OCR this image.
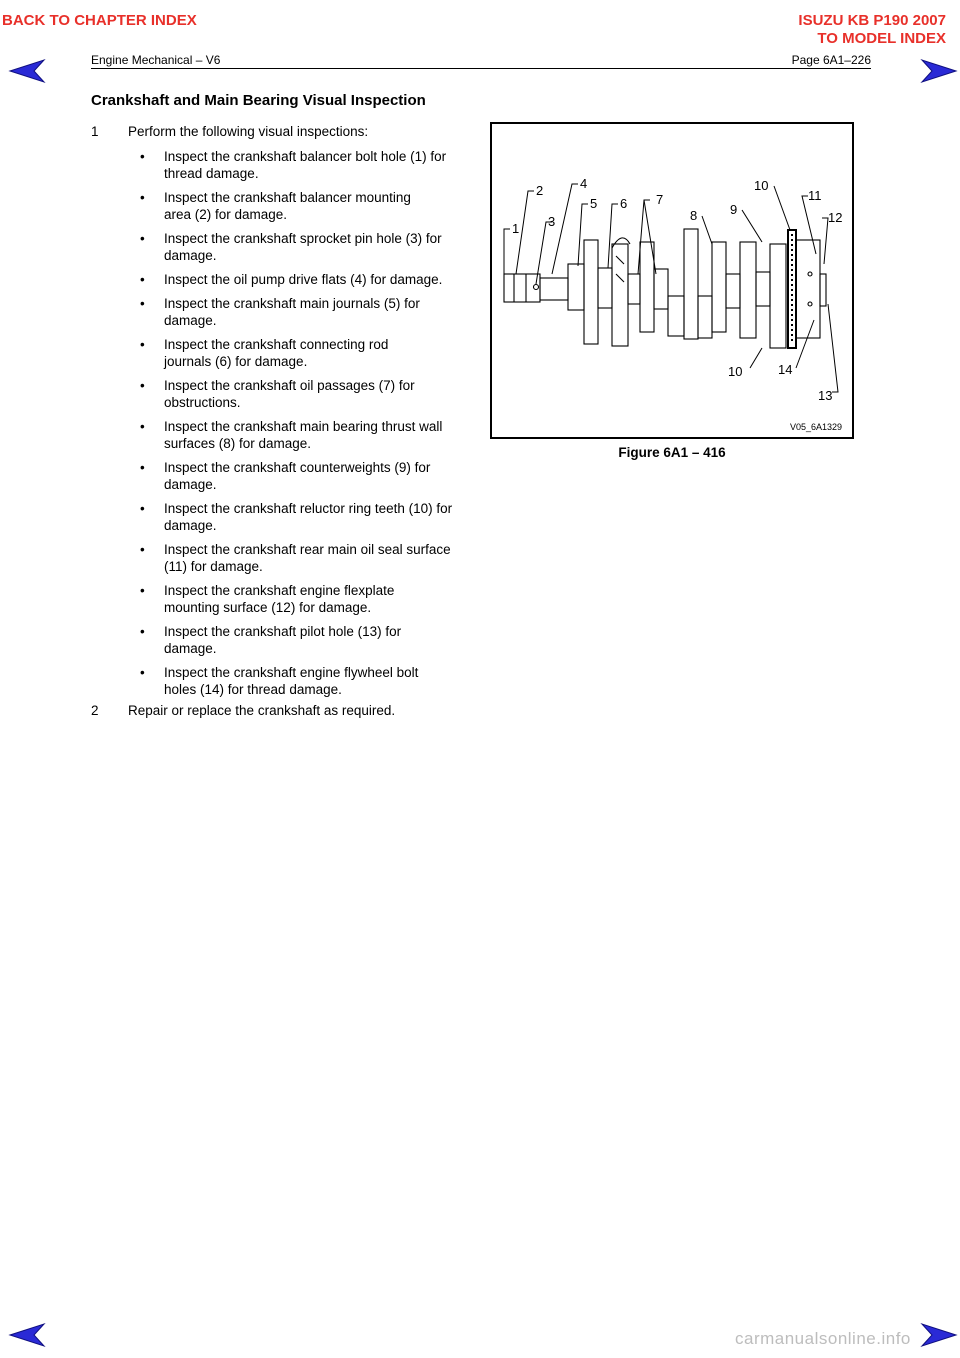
BACK TO CHAPTER INDEX	ISUZU KB P190 2007
TO MODEL INDEX
Engine Mechanical – V6	Page 6A1–226
Crankshaft and Main Bearing Visual Inspection
1	Perform the following visual inspections:
•	Inspect the crankshaft balancer bolt hole (1) for
thread damage.
•	Inspect the crankshaft balancer mounting
area (2) for damage.
•	Inspect the crankshaft sprocket pin hole (3) for
damage.
•	Inspect the oil pump drive flats (4) for damage.
•	Inspect the crankshaft main journals (5) for
damage.
•	Inspect the crankshaft connecting rod
journals (6) for damage.
•	Inspect the crankshaft oil passages (7) for
obstructions.
•	Inspect the crankshaft main bearing thrust wall
surfaces (8) for damage.
•	Inspect the crankshaft counterweights (9) for
damage.
•	Inspect the crankshaft reluctor ring teeth (10) for
damage.
•	Inspect the crankshaft rear main oil seal surface
(11) for damage.
•	Inspect the crankshaft engine flexplate
mounting surface (12) for damage.
•	Inspect the crankshaft pilot hole (13) for
damage.
•	Inspect the crankshaft engine flywheel bolt
holes (14) for thread damage.
2	Repair or replace the crankshaft as required.
1
2
3
4
5 6 7
8	9
10
11
12
10	14
13
V05_6A1329
Figure 6A1 – 416
carmanualsonline.info
